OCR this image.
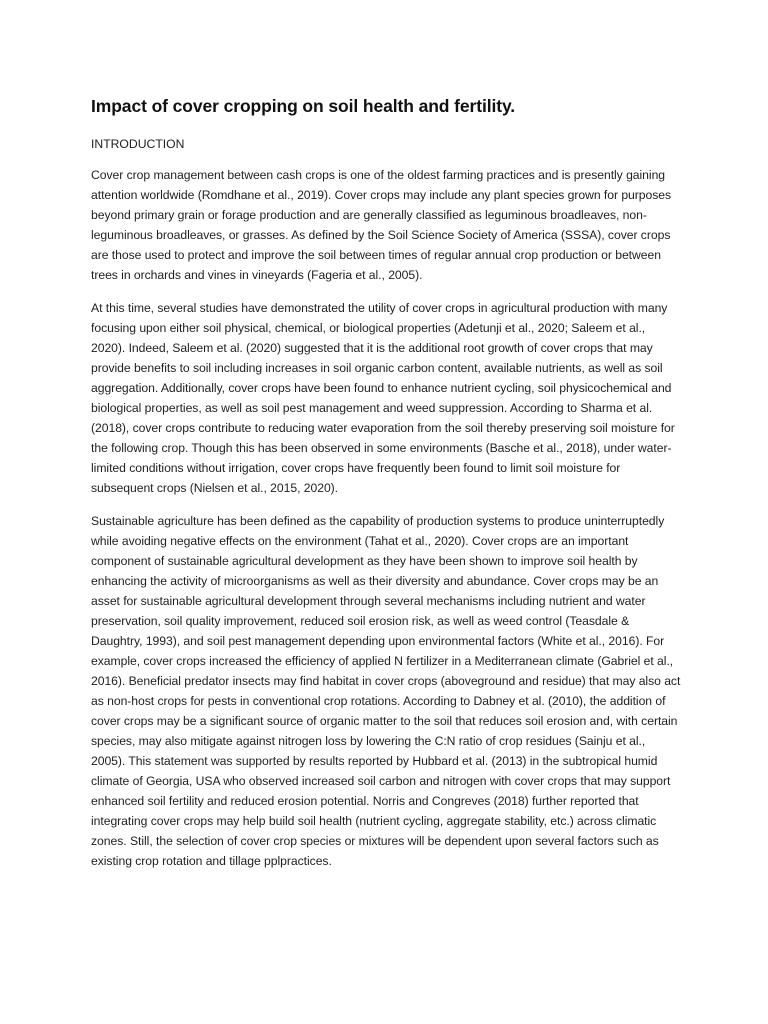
Impact of cover cropping on soil health and fertility.

INTRODUCTION

Cover crop management between cash crops is one of the oldest farming practices and is presently gaining attention worldwide (Romdhane et al., 2019). Cover crops may include any plant species grown for purposes beyond primary grain or forage production and are generally classified as leguminous broadleaves, non-leguminous broadleaves, or grasses. As defined by the Soil Science Society of America (SSSA), cover crops are those used to protect and improve the soil between times of regular annual crop production or between trees in orchards and vines in vineyards (Fageria et al., 2005).

At this time, several studies have demonstrated the utility of cover crops in agricultural production with many focusing upon either soil physical, chemical, or biological properties (Adetunji et al., 2020; Saleem et al., 2020). Indeed, Saleem et al. (2020) suggested that it is the additional root growth of cover crops that may provide benefits to soil including increases in soil organic carbon content, available nutrients, as well as soil aggregation. Additionally, cover crops have been found to enhance nutrient cycling, soil physicochemical and biological properties, as well as soil pest management and weed suppression. According to Sharma et al. (2018), cover crops contribute to reducing water evaporation from the soil thereby preserving soil moisture for the following crop. Though this has been observed in some environments (Basche et al., 2018), under water-limited conditions without irrigation, cover crops have frequently been found to limit soil moisture for subsequent crops (Nielsen et al., 2015, 2020).

Sustainable agriculture has been defined as the capability of production systems to produce uninterruptedly while avoiding negative effects on the environment (Tahat et al., 2020). Cover crops are an important component of sustainable agricultural development as they have been shown to improve soil health by enhancing the activity of microorganisms as well as their diversity and abundance. Cover crops may be an asset for sustainable agricultural development through several mechanisms including nutrient and water preservation, soil quality improvement, reduced soil erosion risk, as well as weed control (Teasdale & Daughtry, 1993), and soil pest management depending upon environmental factors (White et al., 2016). For example, cover crops increased the efficiency of applied N fertilizer in a Mediterranean climate (Gabriel et al., 2016). Beneficial predator insects may find habitat in cover crops (aboveground and residue) that may also act as non-host crops for pests in conventional crop rotations. According to Dabney et al. (2010), the addition of cover crops may be a significant source of organic matter to the soil that reduces soil erosion and, with certain species, may also mitigate against nitrogen loss by lowering the C:N ratio of crop residues (Sainju et al., 2005). This statement was supported by results reported by Hubbard et al. (2013) in the subtropical humid climate of Georgia, USA who observed increased soil carbon and nitrogen with cover crops that may support enhanced soil fertility and reduced erosion potential. Norris and Congreves (2018) further reported that integrating cover crops may help build soil health (nutrient cycling, aggregate stability, etc.) across climatic zones. Still, the selection of cover crop species or mixtures will be dependent upon several factors such as existing crop rotation and tillage pplpractices.
